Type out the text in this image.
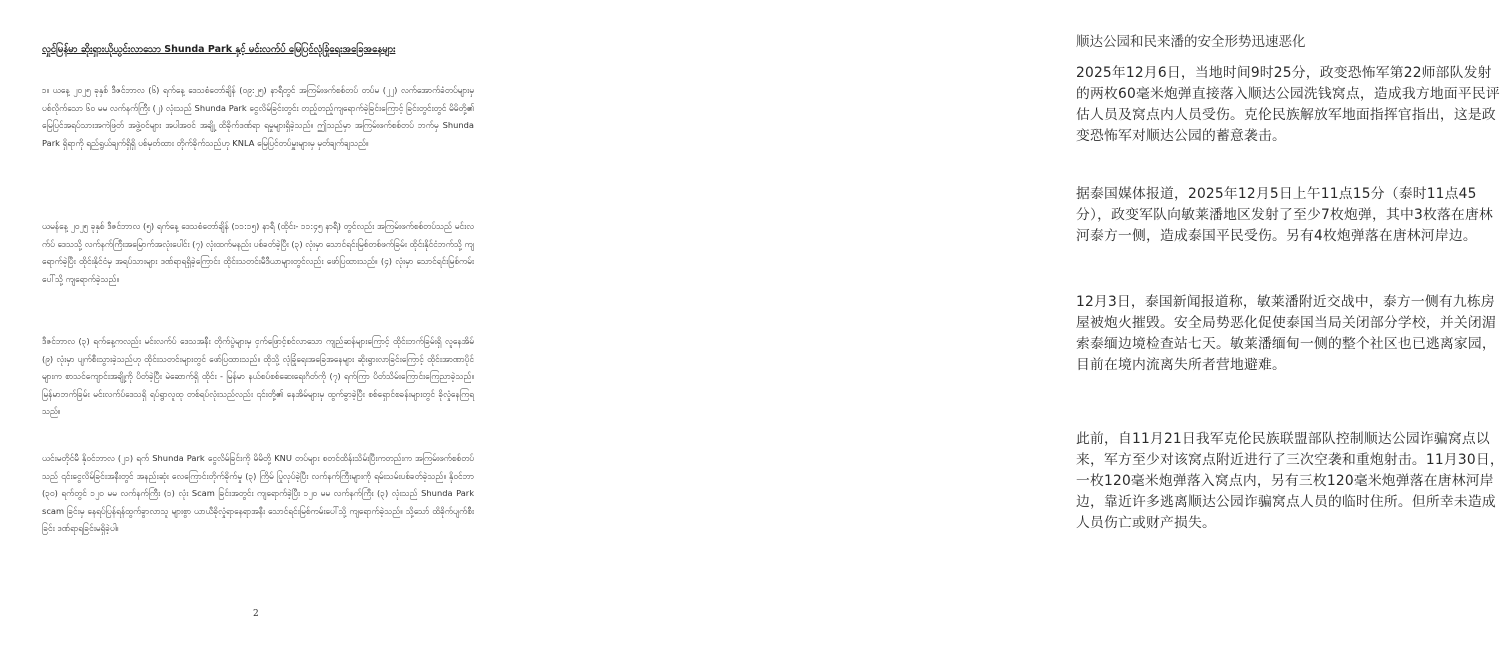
လှုင်မြန်မာ ဆိုးရှားယိုယွင်းလာသော Shunda Park နှင့် မင်းလက်ပ် မြေပြင်လုံခြုံရေးအခြေအနေများ
၁။ ယနေ့ ၂၀၂၅ ခုနှစ် ဒီဇင်ဘာလ (၆) ရက်နေ့ ဒေသစံတော်ချိန် (၀၉:၂၅) နာရီတွင် အကြမ်းဖက်စစ်တပ် တပ်မ (၂၂) လက်အောက်ခံတပ်များမှ ပစ်လိုက်သော ၆၀ မမ လက်နက်ကြီး (၂) လုံးသည် Shunda Park ငွေလိမ်ခြင်းတွင်း တည့်တည့်ကျရောက်ခဲ့ခြင်းကြောင့် ခြင်းတွင်းတွင် မိမိတို့၏ မြေပြင်အရပ်သားအကဲဖြတ် အဖွဲ့ဝင်များ အပါအဝင် အချို့ ထိခိုက်ဒဏ်ရာ ရမှုများရှိခဲ့သည်။ ဤသည်မှာ အကြမ်းဖက်စစ်တပ် ဘက်မှ Shunda Park ရှိရာကို ရည်ရွယ်ချက်ရှိရှိ ပစ်မှတ်ထား တိုက်ခိုက်သည်ဟု KNLA မြေပြင်တပ်မှူးများမှ မှတ်ချက်ချသည်။
ယမန်နေ့ ၂၀၂၅ ခုနှစ် ဒီဇင်ဘာလ (၅) ရက်နေ့ ဒေသစံတော်ချိန် (၁၁:၁၅) နာရီ (ထိုင်း- ၁၁:၄၅ နာရီ) တွင်လည်း အကြမ်းဖက်စစ်တပ်သည် မင်းလက်ပ် ဒေသသို့ လက်နက်ကြီးအမြောက်အလုံးပေါင်း (၇) လုံးထက်မနည်း ပစ်ခတ်ခဲ့ပြီး (၃) လုံးမှာ သောင်ရင်းမြစ်တစ်ဖက်ခြမ်း ထိုင်းနိုင်ငံဘက်သို့ ကျရောက်ခဲ့ပြီး ထိုင်းနိုင်ငံမှ အရပ်သားများ ဒဏ်ရာရရှိခဲ့ကြောင်း ထိုင်းသတင်းမီဒီယာများတွင်လည်း ဖော်ပြထားသည်။ (၄) လုံးမှာ သောင်ရင်းမြစ်ကမ်းပေါ်သို့ ကျရောက်ခဲ့သည်။
ဒီဇင်ဘာလ (၃) ရက်နေ့ကလည်း မင်းလက်ပ် ဒေသအနီး တိုက်ပွဲများမှ ငှက်ဖြောင့်စင်လာသော ကျည်ဆန်များကြောင့် ထိုင်းဘက်ခြမ်းရှိ လူနေအိမ် (၉) လုံးမှာ ပျက်စီးသွားခဲ့သည်ဟု ထိုင်းသတင်းများတွင် ဖော်ပြထားသည်။ ထိုသို့ လုံခြုံရေးအခြေအနေများ ဆိုးရွားလာခြင်းကြောင့် ထိုင်းအာဏာပိုင်များက စာသင်ကျောင်းအချို့ကို ပိတ်ခဲ့ပြီး မဲဆောက်ရှိ ထိုင်း - မြန်မာ နယ်စပ်စစ်ဆေးရေးဂိတ်ကို (၇) ရက်ကြာ ပိတ်သိမ်းကြောင်းကြေညာခဲ့သည်။ မြန်မာဘက်ခြမ်း မင်းလက်ပ်ဒေသရှိ ရပ်ရွာလူထု တစ်ရပ်လုံးသည်လည်း ၎င်းတို့၏ နေအိမ်များမှ ထွက်ခွာခဲ့ပြီး စစ်ရှောင်စခန်းများတွင် ခိုလှုံနေကြရသည်။
ယင်းမတိုင်မီ နိုဝင်ဘာလ (၂၁) ရက် Shunda Park ငွေလိမ်ခြင်းကို မိမိတို့ KNU တပ်များ စတင်ထိန်းသိမ်းပြီးကတည်းက အကြမ်းဖက်စစ်တပ်သည် ၎င်းငွေလိမ်ခြင်းအနီးတွင် အနည်းဆုံး လေကြောင်းတိုက်ခိုက်မှု (၃) ကြိမ် ပြုလုပ်ခဲ့ပြီး လက်နက်ကြီးများကို ရမ်းသမ်းပစ်ခတ်ခဲ့သည်။ နိုဝင်ဘာ (၃၀) ရက်တွင် ၁၂၀ မမ လက်နက်ကြီး (၁) လုံး Scam ခြင်းအတွင်း ကျရောက်ခဲ့ပြီး ၁၂၀ မမ လက်နက်ကြီး (၃) လုံးသည် Shunda Park scam ခြင်းမှ နေရပ်ပြန်ရန်ထွက်ခွာလာသူ များစွာ ယာယီခိုလှုံရာနေရာအနီး သောင်ရင်းမြစ်ကမ်းပေါ်သို့ ကျရောက်ခဲ့သည်။ သို့သော် ထိခိုက်ပျက်စီးခြင်း ဒဏ်ရာရခြင်းမရှိခဲ့ပါ။
2
顺达公园和民来潘的安全形势迅速恶化
2025年12月6日，当地时间9时25分，政变恐怖军第22师部队发射的两枚60毫米炮弹直接落入顺达公园洗钱窝点，造成我方地面平民评估人员及窝点内人员受伤。克伦民族解放军地面指挥官指出，这是政变恐怖军对顺达公园的蓄意袭击。
据泰国媒体报道，2025年12月5日上午11点15分（泰时11点45分），政变军队向敏莱潘地区发射了至少7枚炮弹，其中3枚落在唐林河泰方一侧，造成泰国平民受伤。另有4枚炮弹落在唐林河岸边。
12月3日，泰国新闻报道称，敏莱潘附近交战中，泰方一侧有九栋房屋被炮火摧毁。安全局势恶化促使泰国当局关闭部分学校，并关闭湄索泰缅边境检查站七天。敏莱潘缅甸一侧的整个社区也已逃离家园，目前在境内流离失所者营地避难。
此前，自11月21日我军克伦民族联盟部队控制顺达公园诈骗窝点以来，军方至少对该窝点附近进行了三次空袭和重炮射击。11月30日，一枚120毫米炮弹落入窝点内，另有三枚120毫米炮弹落在唐林河岸边，靠近许多逃离顺达公园诈骗窝点人员的临时住所。但所幸未造成人员伤亡或财产损失。
